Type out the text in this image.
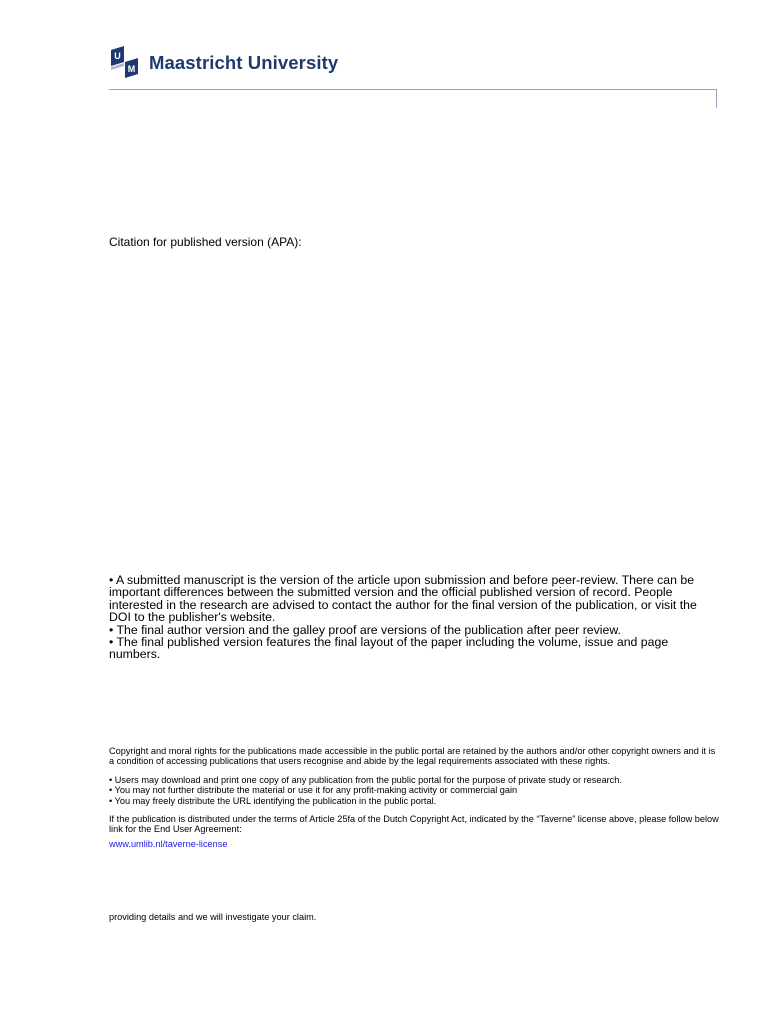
U
M Maastricht University
Citation for published version (APA):

• A submitted manuscript is the version of the article upon submission and before peer-review. There can be important differences between the submitted version and the official published version of record. People interested in the research are advised to contact the author for the final version of the publication, or visit the DOI to the publisher's website.

• The final author version and the galley proof are versions of the publication after peer review.

• The final published version features the final layout of the paper including the volume, issue and page numbers.

Copyright and moral rights for the publications made accessible in the public portal are retained by the authors and/or other copyright owners and it is a condition of accessing publications that users recognise and abide by the legal requirements associated with these rights.

• Users may download and print one copy of any publication from the public portal for the purpose of private study or research.

• You may not further distribute the material or use it for any profit-making activity or commercial gain

• You may freely distribute the URL identifying the publication in the public portal.

If the publication is distributed under the terms of Article 25fa of the Dutch Copyright Act, indicated by the “Taverne” license above, please follow below link for the End User Agreement:

www.umlib.nl/taverne-license

providing details and we will investigate your claim.
